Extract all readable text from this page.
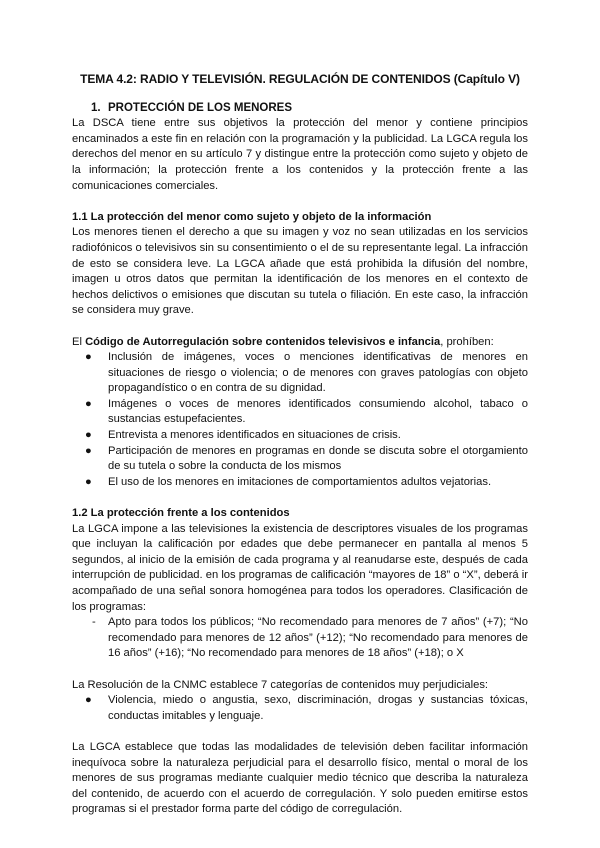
TEMA 4.2: RADIO Y TELEVISIÓN. REGULACIÓN DE CONTENIDOS (Capítulo V)
1. PROTECCIÓN DE LOS MENORES

La DSCA tiene entre sus objetivos la protección del menor y contiene principios encaminados a este fin en relación con la programación y la publicidad. La LGCA regula los derechos del menor en su artículo 7 y distingue entre la protección como sujeto y objeto de la información; la protección frente a los contenidos y la protección frente a las comunicaciones comerciales.

1.1 La protección del menor como sujeto y objeto de la información

Los menores tienen el derecho a que su imagen y voz no sean utilizadas en los servicios radiofónicos o televisivos sin su consentimiento o el de su representante legal. La infracción de esto se considera leve. La LGCA añade que está prohibida la difusión del nombre, imagen u otros datos que permitan la identificación de los menores en el contexto de hechos delictivos o emisiones que discutan su tutela o filiación. En este caso, la infracción se considera muy grave.

El Código de Autorregulación sobre contenidos televisivos e infancia, prohíben:

● Inclusión de imágenes, voces o menciones identificativas de menores en situaciones de riesgo o violencia; o de menores con graves patologías con objeto propagandístico o en contra de su dignidad.
● Imágenes o voces de menores identificados consumiendo alcohol, tabaco o sustancias estupefacientes.
● Entrevista a menores identificados en situaciones de crisis.
● Participación de menores en programas en donde se discuta sobre el otorgamiento de su tutela o sobre la conducta de los mismos
● El uso de los menores en imitaciones de comportamientos adultos vejatorias.
1.2 La protección frente a los contenidos

La LGCA impone a las televisiones la existencia de descriptores visuales de los programas que incluyan la calificación por edades que debe permanecer en pantalla al menos 5 segundos, al inicio de la emisión de cada programa y al reanudarse este, después de cada interrupción de publicidad. en los programas de calificación “mayores de 18” o “X”, deberá ir acompañado de una señal sonora homogénea para todos los operadores. Clasificación de los programas:

- Apto para todos los públicos; “No recomendado para menores de 7 años” (+7); “No recomendado para menores de 12 años” (+12); “No recomendado para menores de 16 años” (+16); “No recomendado para menores de 18 años” (+18); o X

La Resolución de la CNMC establece 7 categorías de contenidos muy perjudiciales:

● Violencia, miedo o angustia, sexo, discriminación, drogas y sustancias tóxicas, conductas imitables y lenguaje.

La LGCA establece que todas las modalidades de televisión deben facilitar información inequívoca sobre la naturaleza perjudicial para el desarrollo físico, mental o moral de los menores de sus programas mediante cualquier medio técnico que describa la naturaleza del contenido, de acuerdo con el acuerdo de corregulación. Y solo pueden emitirse estos programas si el prestador forma parte del código de corregulación.
